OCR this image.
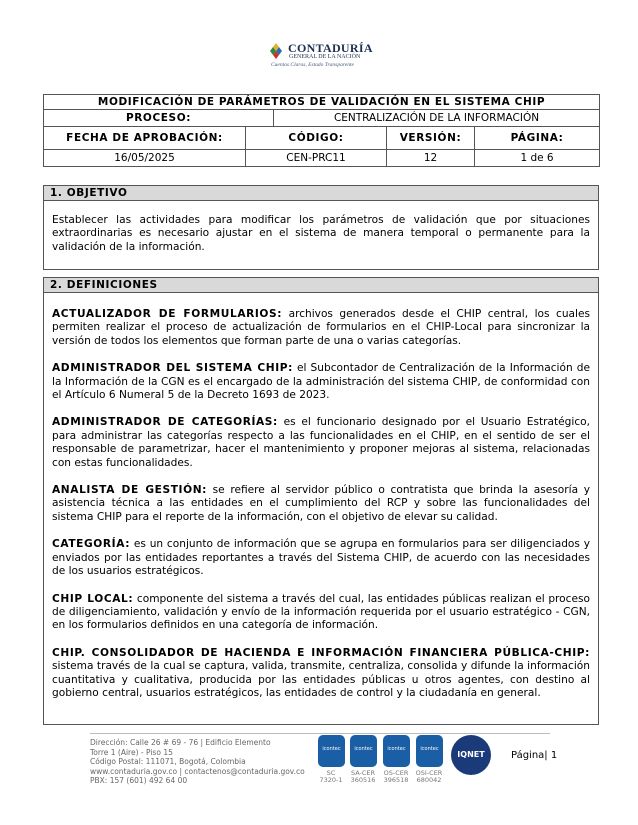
CONTADURÍA
GENERAL DE LA NACIÓN
Cuentas Claras, Estado Transparente
MODIFICACIÓN DE PARÁMETROS DE VALIDACIÓN EN EL SISTEMA CHIP				
PROCESO:		CENTRALIZACIÓN DE LA INFORMACIÓN		
FECHA DE APROBACIÓN:	CÓDIGO:		VERSIÓN:	PÁGINA:
16/05/2025	CEN-PRC11		12	1 de 6
1. OBJETIVO

Establecer las actividades para modificar los parámetros de validación que por situaciones extraordinarias es necesario ajustar en el sistema de manera temporal o permanente para la validación de la información.

2. DEFINICIONES

ACTUALIZADOR DE FORMULARIOS: archivos generados desde el CHIP central, los cuales permiten realizar el proceso de actualización de formularios en el CHIP-Local para sincronizar la versión de todos los elementos que forman parte de una o varias categorías.

ADMINISTRADOR DEL SISTEMA CHIP: el Subcontador de Centralización de la Información de la Información de la CGN es el encargado de la administración del sistema CHIP, de conformidad con el Artículo 6 Numeral 5 de la Decreto 1693 de 2023.

ADMINISTRADOR DE CATEGORÍAS: es el funcionario designado por el Usuario Estratégico, para administrar las categorías respecto a las funcionalidades en el CHIP, en el sentido de ser el responsable de parametrizar, hacer el mantenimiento y proponer mejoras al sistema, relacionadas con estas funcionalidades.

ANALISTA DE GESTIÓN: se refiere al servidor público o contratista que brinda la asesoría y asistencia técnica a las entidades en el cumplimiento del RCP y sobre las funcionalidades del sistema CHIP para el reporte de la información, con el objetivo de elevar su calidad.

CATEGORÍA: es un conjunto de información que se agrupa en formularios para ser diligenciados y enviados por las entidades reportantes a través del Sistema CHIP, de acuerdo con las necesidades de los usuarios estratégicos.

CHIP LOCAL: componente del sistema a través del cual, las entidades públicas realizan el proceso de diligenciamiento, validación y envío de la información requerida por el usuario estratégico - CGN, en los formularios definidos en una categoría de información.

CHIP. CONSOLIDADOR DE HACIENDA E INFORMACIÓN FINANCIERA PÚBLICA-CHIP: sistema través de la cual se captura, valida, transmite, centraliza, consolida y difunde la información cuantitativa y cualitativa, producida por las entidades públicas u otros agentes, con destino al gobierno central, usuarios estratégicos, las entidades de control y la ciudadanía en general.

Dirección: Calle 26 # 69 - 76 | Edificio Elemento
Torre 1 (Aire) - Piso 15
Código Postal: 111071, Bogotá, Colombia
www.contaduria.gov.co | contactenos@contaduria.gov.co
PBX: 157 (601) 492 64 00
icontec
SC
7320-1
icontec
SA-CER
360516
icontec
OS-CER
396518
icontec
OSI-CER
680042
IQNET	Página| 1
